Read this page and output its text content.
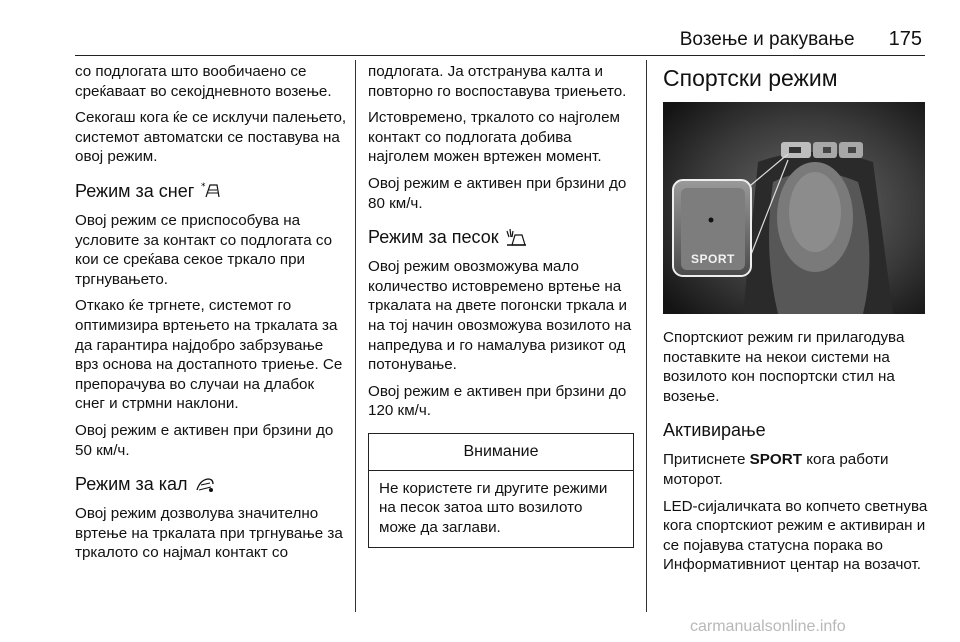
Возење и ракување 175

со подлогата што вообичаено се среќаваат во секојдневното возење.

Секогаш кога ќе се исклучи палењето, системот автоматски се поставува на овој режим.

Режим за снег *

Овој режим се приспособува на условите за контакт со подлогата со кои се среќава секое тркало при тргнувањето.

Откако ќе тргнете, системот го оптимизира вртењето на тркалата за да гарантира најдобро забрзување врз основа на достапното триење. Се препорачува во случаи на длабок снег и стрмни наклони.

Овој режим е активен при брзини до 50 км/ч.

Режим за кал

Овој режим дозволува значително вртење на тркалата при тргнување за тркалото со најмал контакт со

подлогата. Ја отстранува калта и повторно го воспоставува триењето.

Истовремено, тркалото со најголем контакт со подлогата добива најголем можен вртежен момент.

Овој режим е активен при брзини до 80 км/ч.

Режим за песок

Овој режим овозможува мало количество истовремено вртење на тркалата на двете погонски тркала и на тој начин овозможува возилото на напредува и го намалува ризикот од потонување.

Овој режим е активен при брзини до 120 км/ч.

Внимание
Не користете ги другите режими на песок затоа што возилото може да заглави.
Спортски режим
SPORT

Спортскиот режим ги прилагодува поставките на некои системи на возилото кон поспортски стил на возење.

Активирање

Притиснете SPORT кога работи моторот.

LED-сијаличката во копчето светнува кога спортскиот режим е активиран и се појавува статусна порака во Информативниот центар на возачот.

carmanualsonline.info
